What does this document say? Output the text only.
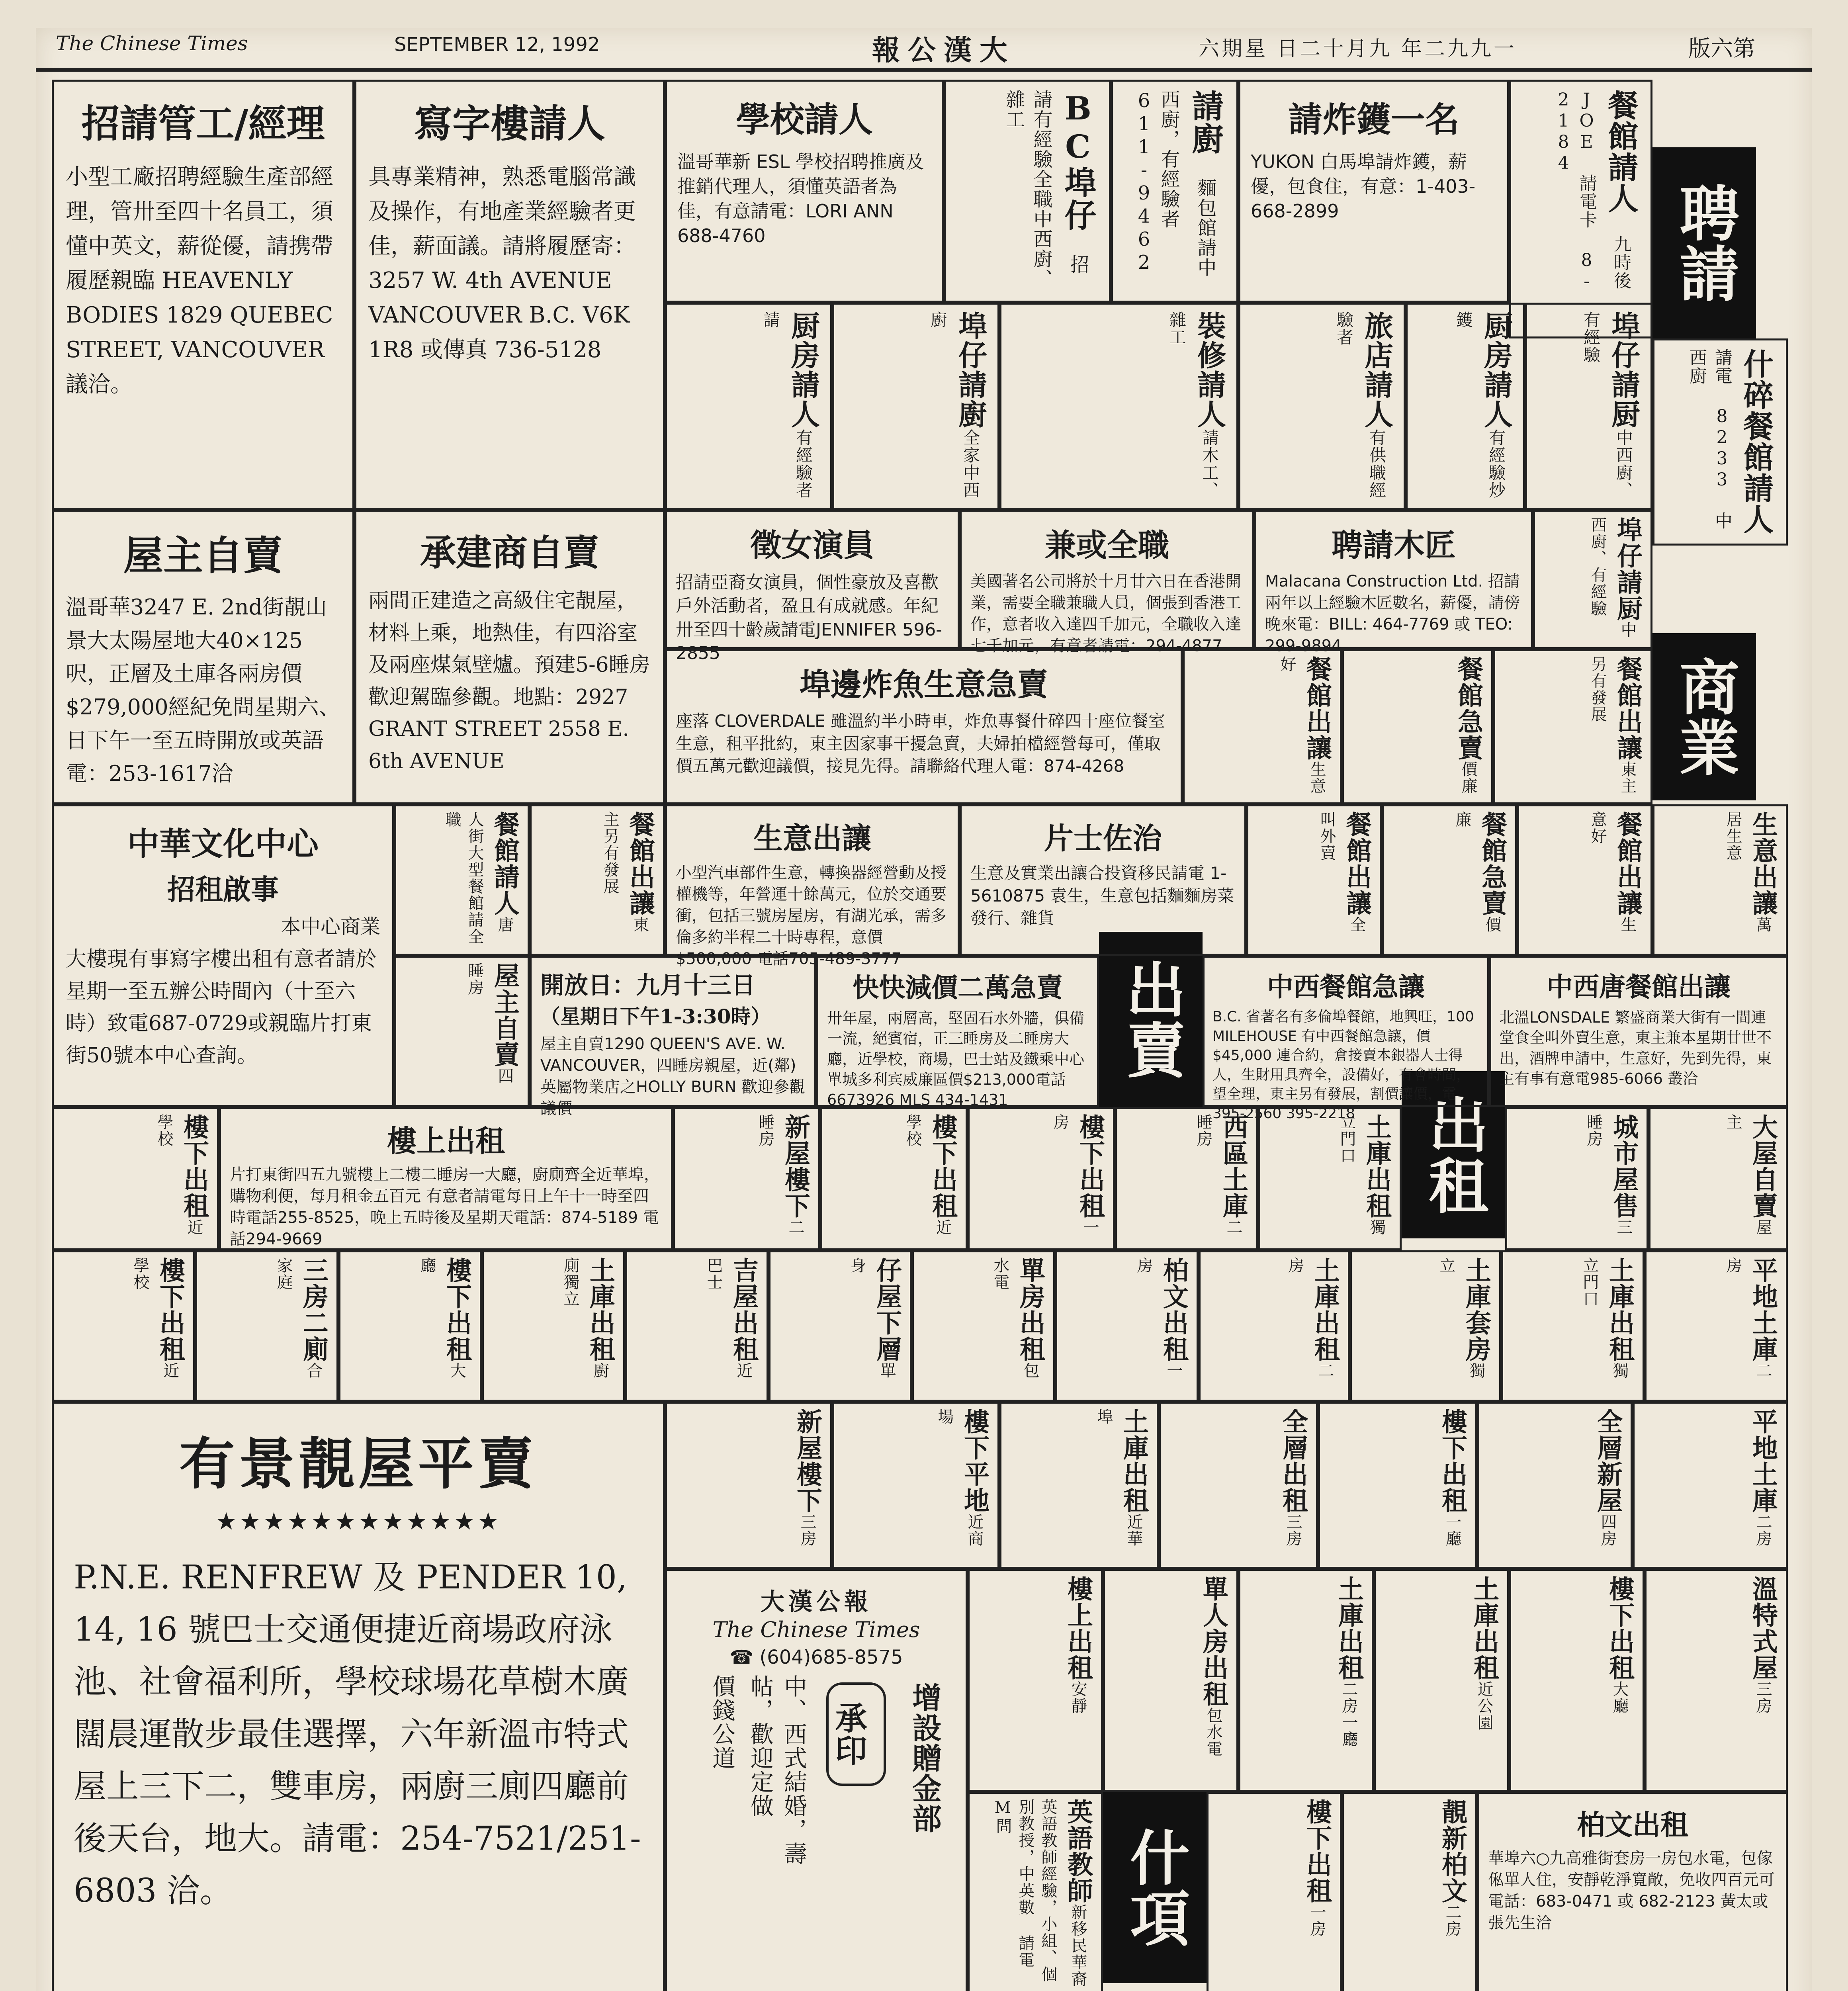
The Chinese Times	SEPTEMBER 12, 1992	報公漢大	六期星 日二十月九 年二九九一	版六第
聘請
商業
出賣
出租
什項
招請管工/經理
小型工廠招聘經驗生產部經理，管卅至四十名員工，須懂中英文，薪從優，請携帶履歷親臨 HEAVENLY BODIES 1829 QUEBEC STREET, VANCOUVER 議洽。
寫字樓請人
具專業精神，熟悉電腦常識及操作，有地產業經驗者更佳，薪面議。請將履歷寄：3257 W. 4th AVENUE VANCOUVER B.C. V6K 1R8 或傳真 736-5128
學校請人
溫哥華新 ESL 學校招聘推廣及推銷代理人，須懂英語者為佳，有意請電：LORI ANN 688-4760
BC埠仔 招請有經驗全職中西廚、雜工	請廚 麵包館請中西廚，有經驗者 611-9462	請炸鑊一名
YUKON 白馬埠請炸鑊，薪優，包食住，有意：1-403-668-2899	餐館請人 九時後 JOE 請電卡 8-2184
什碎餐館請人 請電 8233 中西廚
厨房請人有經驗者請	埠仔請廚全家中西廚	裝修請人請木工、雜工	旅店請人有供職經驗者	厨房請人有經驗炒鑊	埠仔請厨中西廚、有經驗
屋主自賣
溫哥華3247 E. 2nd街靚山景大太陽屋地大40×125呎，正層及土庫各兩房價$279,000經紀免問星期六、日下午一至五時開放或英語電：253-1617洽
承建商自賣
兩間正建造之高級住宅靚屋，材料上乘，地熱佳，有四浴室及兩座煤氣壁爐。預建5-6睡房歡迎駕臨參觀。地點：2927 GRANT STREET 2558 E. 6th AVENUE
徵女演員
招請亞裔女演員，個性豪放及喜歡戶外活動者，盈且有成就感。年紀卅至四十齡歲請電JENNIFER 596-2855
兼或全職
美國著名公司將於十月廿六日在香港開業，需要全職兼職人員，個張到香港工作，意者收入達四千加元，全職收入達七千加元，有意者請電：294-4877
聘請木匠
Malacana Construction Ltd. 招請兩年以上經驗木匠數名，薪優，請傍晚來電：BILL: 464-7769 或 TEO: 299-9894
埠仔請厨中西廚、有經驗
埠邊炸魚生意急賣
座落 CLOVERDALE 雖溫約半小時車，炸魚專餐什碎四十座位餐室生意，租平批約，東主因家事干擾急賣，夫婦拍檔經營每可，僅取價五萬元歡迎議價，接見先得。請聯絡代理人電：874-4268
餐館出讓生意好	餐館急賣價廉
餐館出讓東主另有發展
中華文化中心
招租啟事
本中心商業
大樓現有事寫字樓出租有意者請於星期一至五辦公時間內（十至六時）致電687-0729或親臨片打東街50號本中心查詢。
餐館請人唐人街大型餐館請全職	餐館出讓東主另有發展	生意出讓
小型汽車部件生意，轉換器經營動及授權機等，年營運十餘萬元，位於交通要衝，包括三號房屋房，有湖光承，需多倫多約半程二十時專程，意價$500,000 電話705-489-3777
片士佐治
生意及實業出讓合投資移民請電 1-5610875 袁生，生意包括麵麵房菜發行、雜貨
餐館出讓全叫外賣	餐館急賣價廉	餐館出讓生意好	生意出讓萬居生意
屋主自賣四睡房	開放日：九月十三日
（星期日下午1-3:30時）
屋主自賣1290 QUEEN'S AVE. W. VANCOUVER，四睡房親屋，近(鄰)英屬物業店之HOLLY BURN 歡迎參觀議價
快快減價二萬急賣
卅年屋，兩層高，堅固石水外牆，俱備一流，絕賓宿，正三睡房及二睡房大廳，近學校，商場，巴士站及鐵乘中心單城多利宾威廉區價$213,000電話6673926 MLS 434-1431
中西餐館急讓
B.C. 省著名有多倫埠餐館，地興旺，100 MILEHOUSE 有中西餐館急讓，價$45,000 連合約，倉接賣本銀器人士得人，生財用具齊全，設備好，有會時間，望全理，東主另有發展，割價讓價，電395-2560 395-2218
中西唐餐館出讓
北溫LONSDALE 繁盛商業大街有一間連堂食全叫外賣生意，東主兼本星期廿世不出，酒牌申請中，生意好，先到先得，東主有事有意電985-6066 叢洽
樓下出租近學校	樓上出租
片打東街四五九號樓上二樓二睡房一大廳，廚廁齊全近華埠，購物利便，每月租金五百元 有意者請電每日上午十一時至四時電話255-8525，晚上五時後及星期天電話：874-5189 電話294-9669
新屋樓下二睡房	樓下出租近學校	樓下出租一房	西區土庫二睡房	土庫出租獨立門口	城市屋售三睡房	大屋自賣屋主
樓下出租近學校	三房二廁合家庭	樓下出租大廳	土庫出租廚廁獨立	吉屋出租近巴士	仔屋下層單身	單房出租包水電	柏文出租一房	土庫出租二房	土庫套房獨立	土庫出租獨立門口	平地土庫二房
有景靚屋平賣
★★★★★★★★★★★★
P.N.E. RENFREW 及 PENDER 10, 14, 16 號巴士交通便捷近商場政府泳池、社會福利所，學校球場花草樹木廣闊晨運散步最佳選擇，六年新溫市特式屋上三下二，雙車房，兩廚三廁四廳前後天台，地大。請電：254-7521/251-6803 洽。
新屋樓下三房
樓下平地近商場	土庫出租近華埠	全層出租三房
樓下出租一廳
全層新屋四房
平地土庫二房
大漢公報
The Chinese Times
☎ (604)685-8575
中、西式結婚，壽帖，歡迎定做
價錢公道	承印	增設贈金部
樓上出租安靜	單人房出租包水電
土庫出租二房一廳
土庫出租近公園
樓下出租大廳
溫特式屋三房
英語教師新移民華裔英語教師經驗，小組、個別教授，中英數 請電 M問	樓下出租一房
靚新柏文二房
柏文出租
華埠六○九高雅街套房一房包水電，包傢俬單人住，安靜乾淨寬敞，免收四百元可電話：683-0471 或 682-2123 黃太或張先生洽
